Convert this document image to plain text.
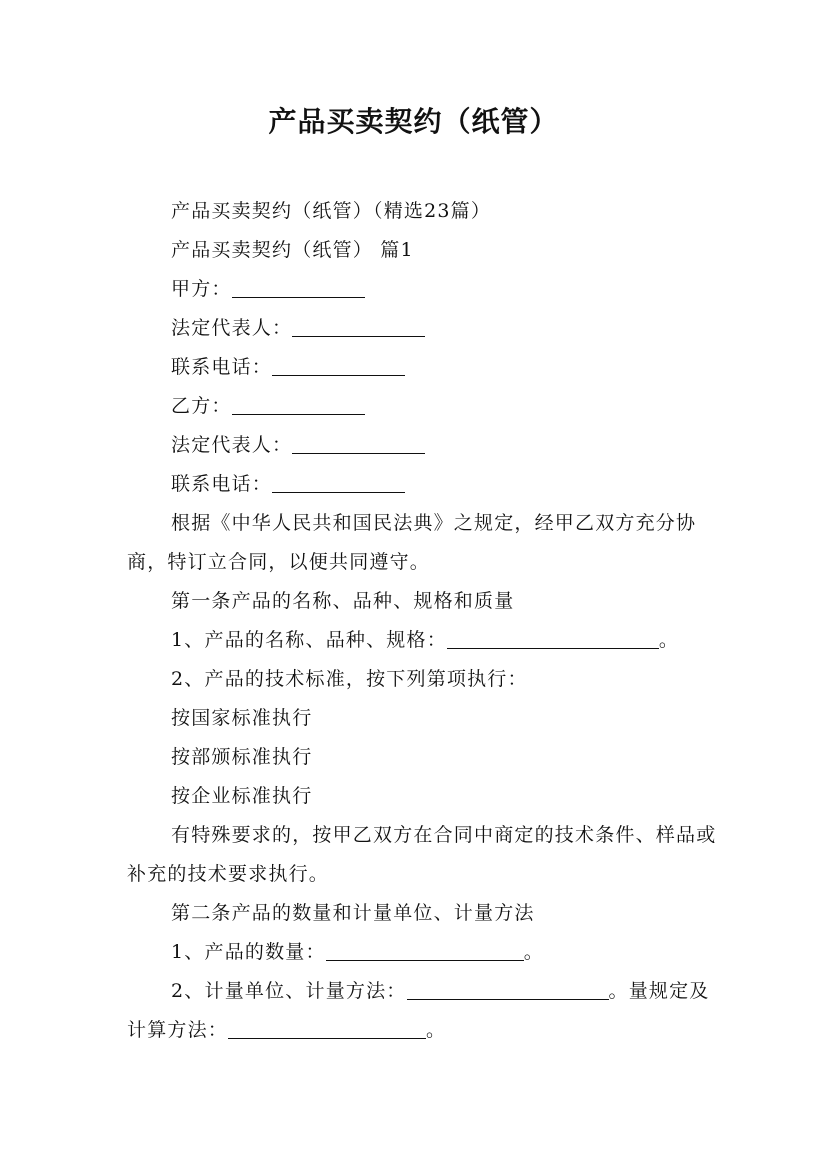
产品买卖契约（纸管）

产品买卖契约（纸管）（精选23篇）

产品买卖契约（纸管） 篇1

甲方：

法定代表人：

联系电话：

乙方：

法定代表人：

联系电话：

根据《中华人民共和国民法典》之规定，经甲乙双方充分协商，特订立合同，以便共同遵守。

第一条产品的名称、品种、规格和质量

1、产品的名称、品种、规格：	。

2、产品的技术标准，按下列第项执行：

按国家标准执行

按部颁标准执行

按企业标准执行

有特殊要求的，按甲乙双方在合同中商定的技术条件、样品或补充的技术要求执行。

第二条产品的数量和计量单位、计量方法

1、产品的数量：	。

2、计量单位、计量方法：	。量规定及计算方法：	。
